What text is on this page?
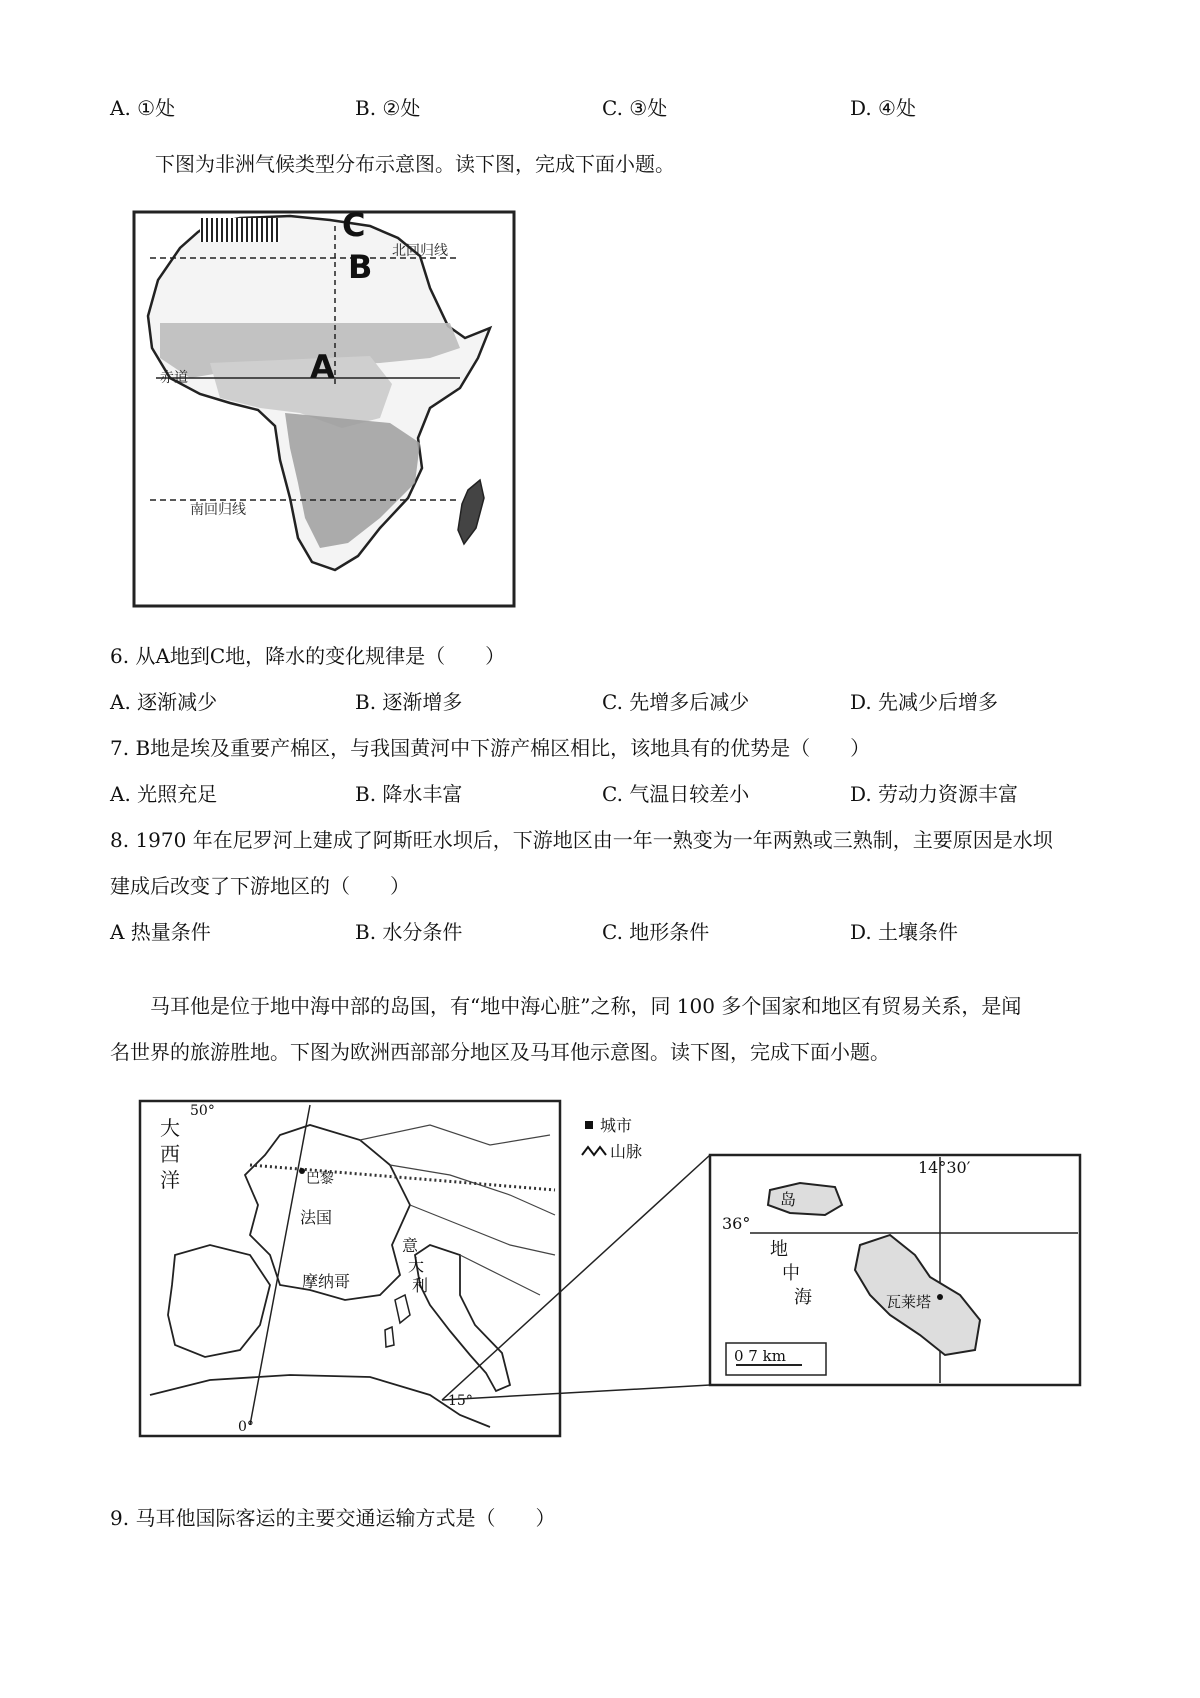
A. ①处	B. ②处	C. ③处	D. ④处
下图为非洲气候类型分布示意图。读下图，完成下面小题。
C
B
A
北回归线
赤道
南回归线
6. 从A地到C地，降水的变化规律是（　　）
A. 逐渐减少	B. 逐渐增多	C. 先增多后减少	D. 先减少后增多
7. B地是埃及重要产棉区，与我国黄河中下游产棉区相比，该地具有的优势是（　　）
A. 光照充足	B. 降水丰富	C. 气温日较差小	D. 劳动力资源丰富
8. 1970 年在尼罗河上建成了阿斯旺水坝后，下游地区由一年一熟变为一年两熟或三熟制，主要原因是水坝
建成后改变了下游地区的（　　）
A 热量条件	B. 水分条件	C. 地形条件	D. 土壤条件
马耳他是位于地中海中部的岛国，有“地中海心脏”之称，同 100 多个国家和地区有贸易关系，是闻
名世界的旅游胜地。下图为欧洲西部部分地区及马耳他示意图。读下图，完成下面小题。
大
西
洋
50°
0°
15°
巴黎
法国
意
大
利
摩纳哥
城市
山脉
岛
14°30′
36°
地
中
海	瓦莱塔
0 7 km
9. 马耳他国际客运的主要交通运输方式是（　　）
